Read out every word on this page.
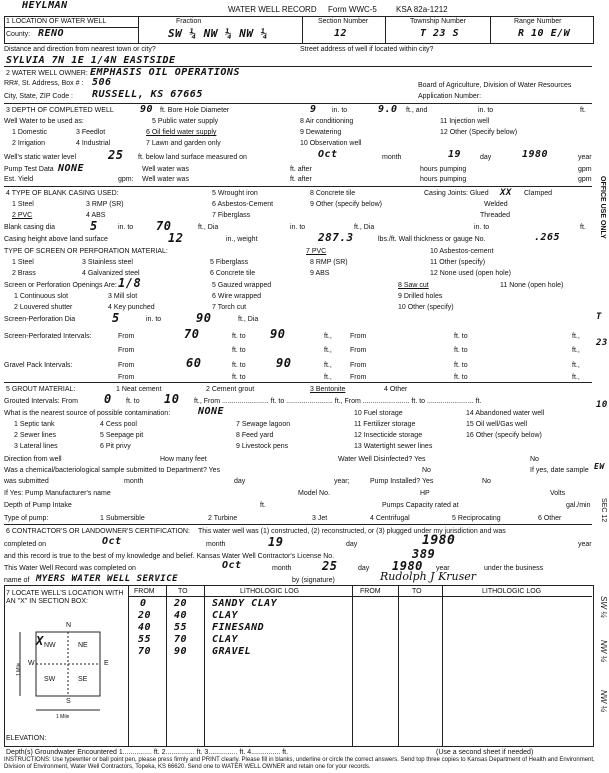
HEYLMAN	WATER WELL RECORD Form WWC-5 KSA 82a-1212
1 LOCATION OF WATER WELL
County: RENO
Fraction
SW ¼ NW ¼ NW ¼
Section Number
12
Township Number
T 23 S
Range Number
R 10 E/W
Distance and direction from nearest town or city?	Street address of well if located within city?
SYLVIA 7N 1E 1/4N EASTSIDE
2 WATER WELL OWNER: EMPHASIS OIL OPERATIONS
RR#, St. Address, Box # : 506	Board of Agriculture, Division of Water Resources
City, State, ZIP Code : RUSSELL, KS 67665	Application Number:
3 DEPTH OF COMPLETED WELL	90 ft. Bore Hole Diameter	9 in. to	9.0 ft., and	in. to	ft.
Well Water to be used as:	5 Public water supply	8 Air conditioning	11 Injection well
1 Domestic	3 Feedlot	6 Oil field water supply	9 Dewatering	12 Other (Specify below)
2 Irrigation	4 Industrial	7 Lawn and garden only	10 Observation well
Well's static water level	25 ft. below land surface measured on	Oct	month	19	day	1980	year
Pump Test Data NONE	Well water was	ft. after	hours pumping	gpm
Est. Yield	gpm: Well water was	ft. after	hours pumping	gpm
4 TYPE OF BLANK CASING USED:	5 Wrought iron	8 Concrete tile	Casing Joints: Glued XX Clamped
1 Steel	3 RMP (SR)	6 Asbestos-Cement	9 Other (specify below)	Welded
2 PVC	4 ABS	7 Fiberglass	Threaded
Blank casing dia	5	in. to 70	ft., Dia	in. to	ft., Dia	in. to	ft.
Casing height above land surface	12	in., weight	287.3	lbs./ft. Wall thickness or gauge No.	.265
TYPE OF SCREEN OR PERFORATION MATERIAL:	7 PVC	10 Asbestos-cement
1 Steel	3 Stainless steel	5 Fiberglass	8 RMP (SR)	11 Other (specify)
2 Brass	4 Galvanized steel	6 Concrete tile	9 ABS	12 None used (open hole)
Screen or Perforation Openings Are: 1/8	5 Gauzed wrapped	8 Saw cut	11 None (open hole)
1 Continuous slot	3 Mill slot	6 Wire wrapped	9 Drilled holes
2 Louvered shutter	4 Key punched	7 Torch cut	10 Other (specify)
Screen-Perforation Dia	5	in. to	90	ft., Dia
Screen-Perforated Intervals:	From	70	ft. to 90	ft.,	From	ft. to	ft.,
From	ft. to	ft.,	From	ft. to	ft.,
Gravel Pack Intervals:	From	60	ft. to	90	ft.,	From	ft. to	ft.,
From	ft. to	ft.,	From	ft. to	ft.,
5 GROUT MATERIAL:	1 Neat cement	2 Cement grout	3 Bentonite	4 Other
Grouted Intervals: From 0 ft. to 10 ft., From ........................ ft. to ........................ ft., From ........................ ft. to ........................ ft.
What is the nearest source of possible contamination:	NONE
1 Septic tank	4 Cess pool	7 Sewage lagoon
10 Fuel storage	14 Abandoned water well
2 Sewer lines	5 Seepage pit	8 Feed yard
11 Fertilizer storage	15 Oil well/Gas well
3 Lateral lines	6 Pit privy	9 Livestock pens
12 Insecticide storage	16 Other (specify below)
13 Watertight sewer lines
Direction from well	How many feet	Water Well Disinfected? Yes	No
Was a chemical/bacteriological sample submitted to Department? Yes	No	If yes, date sample
was submitted	month	day	year;	Pump Installed? Yes	No
If Yes: Pump Manufacturer's name	Model No.	HP	Volts
Depth of Pump Intake	ft.	Pumps Capacity rated at	gal./min
Type of pump:	1 Submersible	2 Turbine	3 Jet	4 Centrifugal	5 Reciprocating	6 Other
6 CONTRACTOR'S OR LANDOWNER'S CERTIFICATION: This water well was (1) constructed, (2) reconstructed, or (3) plugged under my jurisdiction and was
completed on	Oct	month	19	day	1980	year
and this record is true to the best of my knowledge and belief. Kansas Water Well Contractor's License No.	389
This Water Well Record was completed on	Oct	month	25	day 1980 year	under the business
name of MYERS WATER WELL SERVICE	by (signature)	Rudolph J Kruser
7 LOCATE WELL'S LOCATION WITH AN "X" IN SECTION BOX:
FROM	TO	LITHOLOGIC LOG	FROM	TO	LITHOLOGIC LOG
0	20 SANDY CLAY
20 40 CLAY
40 55 FINESAND
55 70 CLAY
70 90 GRAVEL
N
S
E
W
NW	NE
SW	SE
X
1 Mile
1 Mile
ELEVATION:
Depth(s) Groundwater Encountered 1............... ft. 2............... ft. 3............... ft. 4............... ft.	(Use a second sheet if needed)
INSTRUCTIONS: Use typewriter or ball point pen, please press firmly and PRINT clearly. Please fill in blanks, underline or circle the correct answers. Send top three copies to Kansas Department of Health and Environment, Division of Environment, Water Well Contractors, Topeka, KS 66620. Send one to WATER WELL OWNER and retain one for your records.
OFFICE USE ONLY
T
23
10
EW
SEC 12
SW ¼
NW ¼
NW ¼
